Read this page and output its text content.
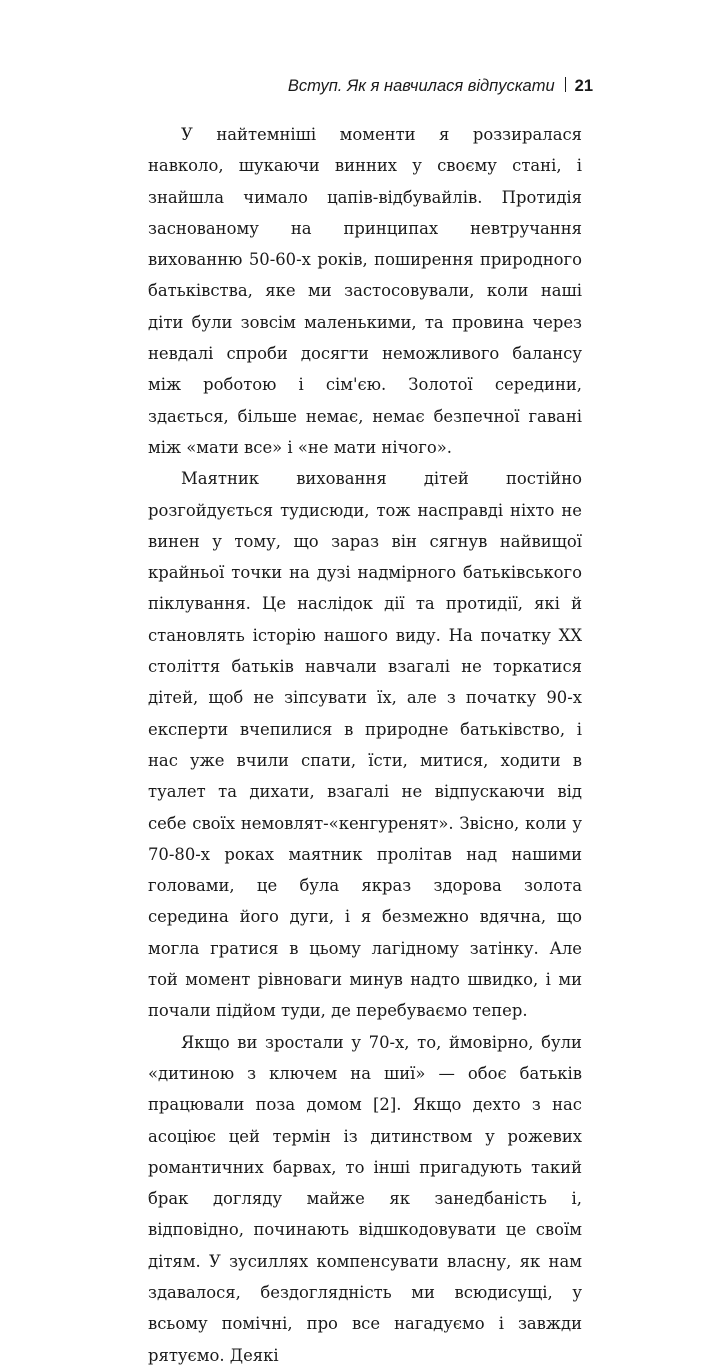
Вступ. Як я навчилася відпускати 21

У найтемніші моменти я роззиралася навколо, шукаючи винних у своєму стані, і знайшла чимало цапів-відбувайлів. Протидія заснованому на принципах невтручання вихованню 50-60-х років, поширення природного батьківства, яке ми застосовували, коли наші діти були зовсім маленькими, та провина через невдалі спроби досягти неможливого балансу між роботою і сім'єю. Золотої середини, здається, більше немає, немає безпечної гавані між «мати все» і «не мати нічого».

Маятник виховання дітей постійно розгойдується тудисюди, тож насправді ніхто не винен у тому, що зараз він сягнув найвищої крайньої точки на дузі надмірного батьківського піклування. Це наслідок дії та протидії, які й становлять історію нашого виду. На початку XX століття батьків навчали взагалі не торкатися дітей, щоб не зіпсувати їх, але з початку 90-х експерти вчепилися в природне батьківство, і нас уже вчили спати, їсти, митися, ходити в туалет та дихати, взагалі не відпускаючи від себе своїх немовлят-«кенгуренят». Звісно, коли у 70-80-х роках маятник пролітав над нашими головами, це була якраз здорова золота середина його дуги, і я безмежно вдячна, що могла гратися в цьому лагідному затінку. Але той момент рівноваги минув надто швидко, і ми почали підйом туди, де перебуваємо тепер.

Якщо ви зростали у 70-х, то, ймовірно, були «дитиною з ключем на шиї» — обоє батьків працювали поза домом [2]. Якщо дехто з нас асоціює цей термін із дитинством у рожевих романтичних барвах, то інші пригадують такий брак догляду майже як занедбаність і, відповідно, починають відшкодовувати це своїм дітям. У зусиллях компенсувати власну, як нам здавалося, бездоглядність ми всюдисущі, у всьому помічні, про все нагадуємо і завжди рятуємо. Деякі
